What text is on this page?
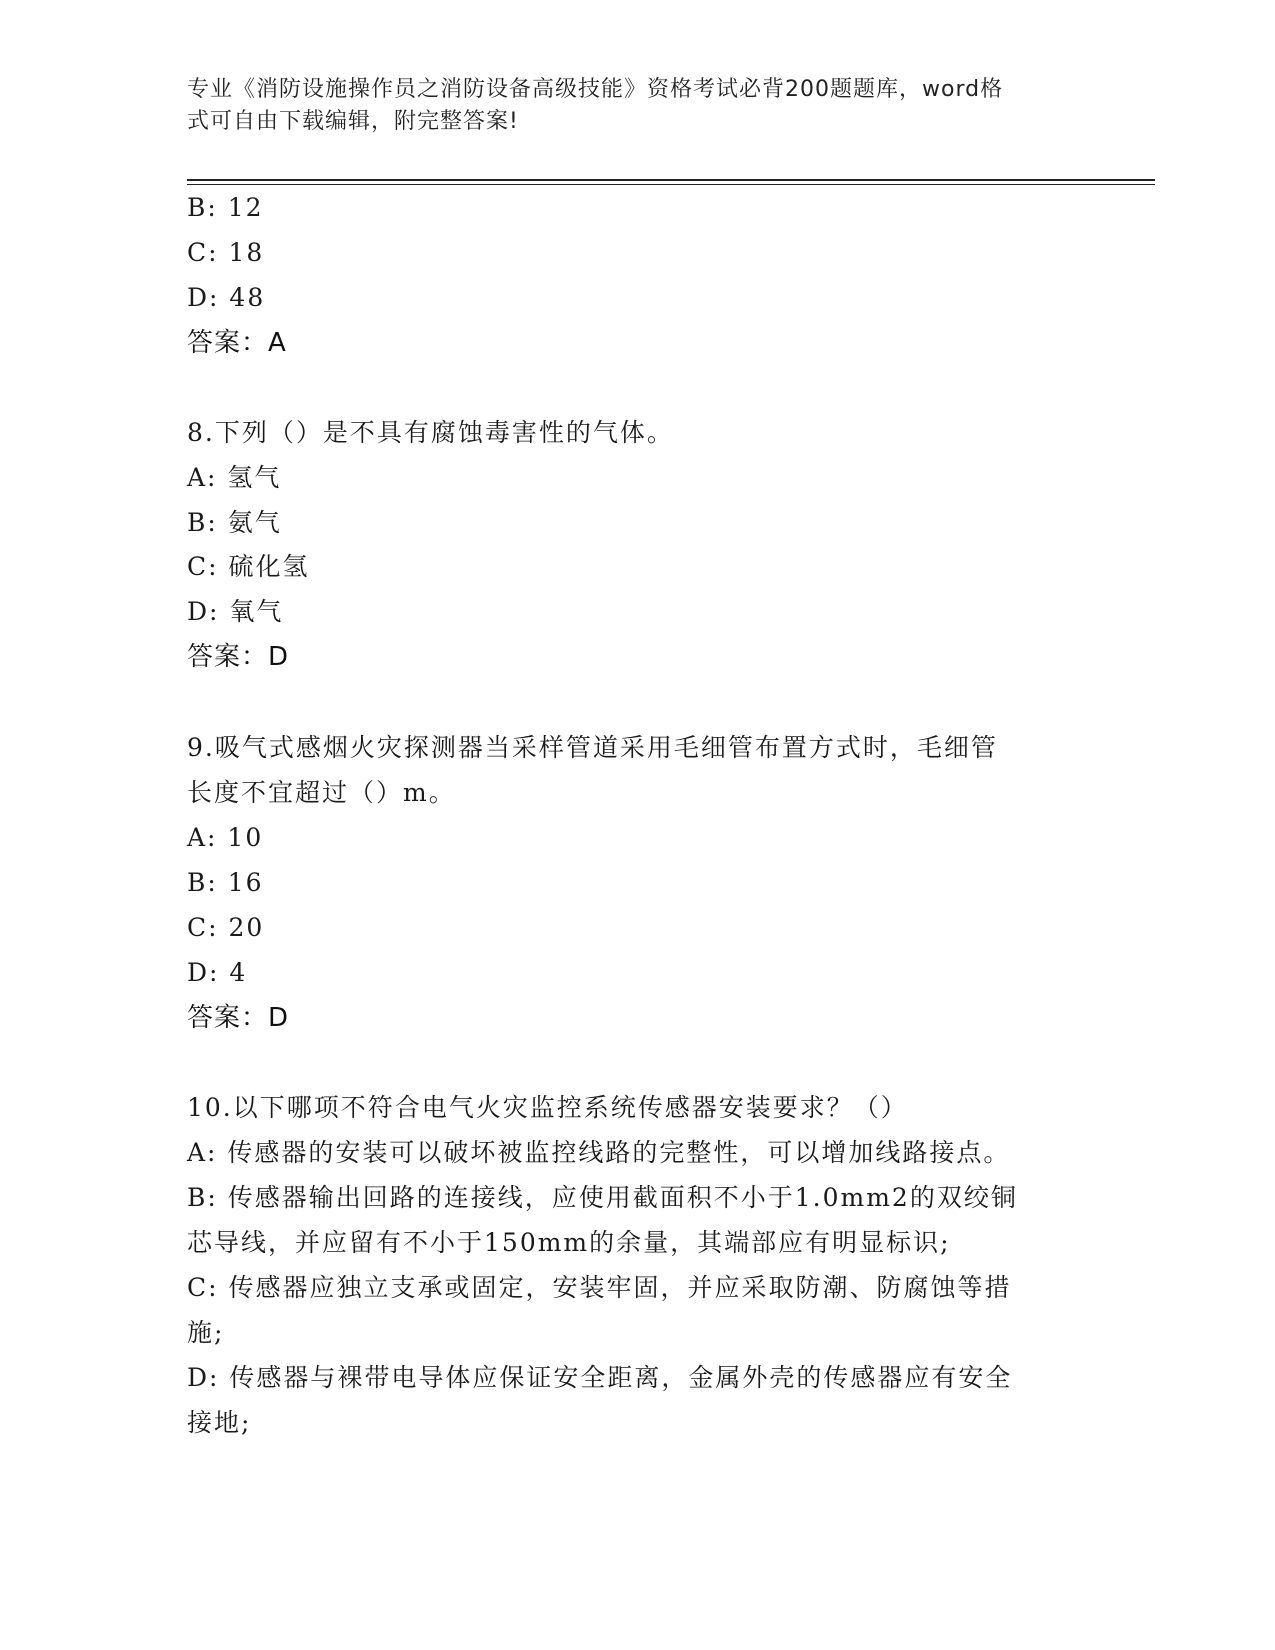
专业《消防设施操作员之消防设备高级技能》资格考试必背200题题库，word格
式可自由下载编辑，附完整答案!
B: 12
C: 18
D: 48
答案：A
8.下列（）是不具有腐蚀毒害性的气体。
A: 氢气
B: 氨气
C: 硫化氢
D: 氧气
答案：D
9.吸气式感烟火灾探测器当采样管道采用毛细管布置方式时，毛细管
长度不宜超过（）m。
A: 10
B: 16
C: 20
D: 4
答案：D
10.以下哪项不符合电气火灾监控系统传感器安装要求？（）
A: 传感器的安装可以破坏被监控线路的完整性，可以增加线路接点。
B: 传感器输出回路的连接线，应使用截面积不小于1.0mm2的双绞铜
芯导线，并应留有不小于150mm的余量，其端部应有明显标识;
C: 传感器应独立支承或固定，安装牢固，并应采取防潮、防腐蚀等措
施;
D: 传感器与裸带电导体应保证安全距离，金属外壳的传感器应有安全
接地;
